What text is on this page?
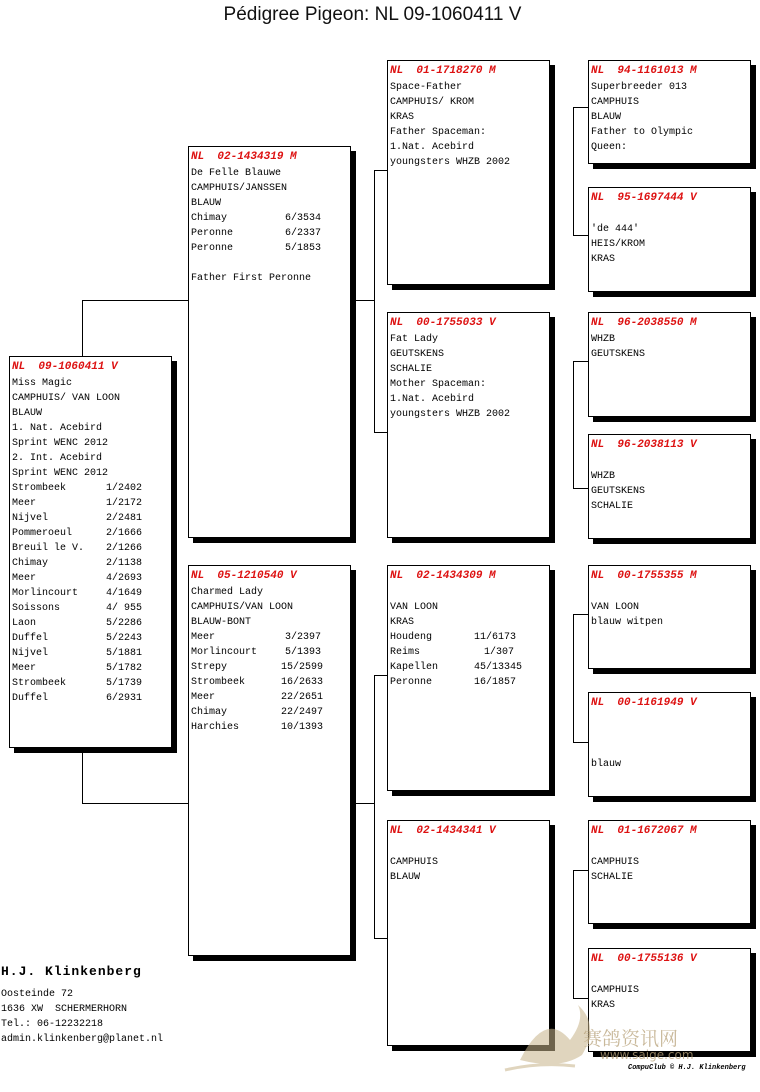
Pédigree Pigeon: NL 09-1060411 V
NL  09-1060411 V
Miss Magic
CAMPHUIS/ VAN LOON
BLAUW
1. Nat. Acebird
Sprint WENC 2012
2. Int. Acebird
Sprint WENC 2012
Strombeek	1/2402
Meer	1/2172
Nijvel	2/2481
Pommeroeul	2/1666
Breuil le V.	2/1266
Chimay	2/1138
Meer	4/2693
Morlincourt	4/1649
Soissons	4/ 955
Laon	5/2286
Duffel	5/2243
Nijvel	5/1881
Meer	5/1782
Strombeek	5/1739
Duffel	6/2931
NL  02-1434319 M
De Felle Blauwe
CAMPHUIS/JANSSEN
BLAUW
Chimay	6/3534
Peronne	6/2337
Peronne	5/1853
Father First Peronne
NL  05-1210540 V
Charmed Lady
CAMPHUIS/VAN LOON
BLAUW-BONT
Meer	3/2397
Morlincourt	5/1393
Strepy	15/2599
Strombeek	16/2633
Meer	22/2651
Chimay	22/2497
Harchies	10/1393
NL  01-1718270 M
Space-Father
CAMPHUIS/ KROM
KRAS
Father Spaceman:
1.Nat. Acebird
youngsters WHZB 2002
NL  00-1755033 V
Fat Lady
GEUTSKENS
SCHALIE
Mother Spaceman:
1.Nat. Acebird
youngsters WHZB 2002
NL  02-1434309 M
VAN LOON
KRAS
Houdeng	11/6173
Reims	1/307
Kapellen	45/13345
Peronne	16/1857
NL  02-1434341 V
CAMPHUIS
BLAUW
NL  94-1161013 M
Superbreeder 013
CAMPHUIS
BLAUW
Father to Olympic
Queen:
NL  95-1697444 V
'de 444'
HEIS/KROM
KRAS
NL  96-2038550 M
WHZB
GEUTSKENS
NL  96-2038113 V
WHZB
GEUTSKENS
SCHALIE
NL  00-1755355 M
VAN LOON
blauw witpen
NL  00-1161949 V
blauw
NL  01-1672067 M
CAMPHUIS
SCHALIE
NL  00-1755136 V
CAMPHUIS
KRAS
H.J. Klinkenberg
Oosteinde 72
1636 XW  SCHERMERHORN
Tel.: 06-12232218
admin.klinkenberg@planet.nl	赛鸽资讯网
www.saige.com
CompuClub © H.J. Klinkenberg
